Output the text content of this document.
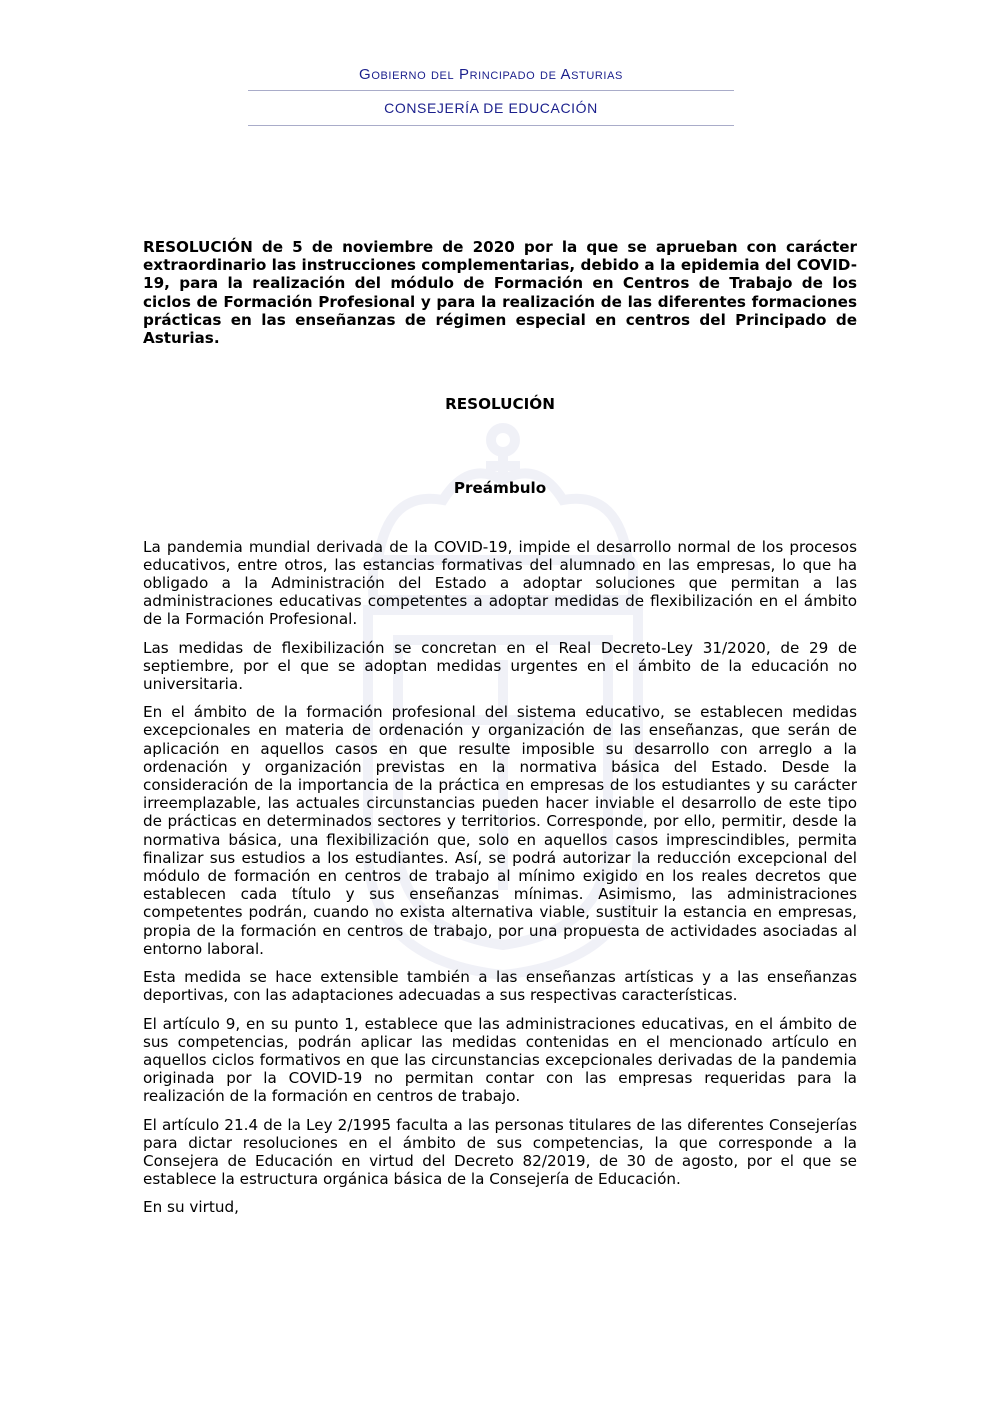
Gobierno del Principado de Asturias
CONSEJERÍA DE EDUCACIÓN

RESOLUCIÓN de 5 de noviembre de 2020 por la que se aprueban con carácter extraordinario las instrucciones complementarias, debido a la epidemia del COVID-19, para la realización del módulo de Formación en Centros de Trabajo de los ciclos de Formación Profesional y para la realización de las diferentes formaciones prácticas en las enseñanzas de régimen especial en centros del Principado de Asturias.

RESOLUCIÓN

Preámbulo

La pandemia mundial derivada de la COVID-19, impide el desarrollo normal de los procesos educativos, entre otros, las estancias formativas del alumnado en las empresas, lo que ha obligado a la Administración del Estado a adoptar soluciones que permitan a las administraciones educativas competentes a adoptar medidas de flexibilización en el ámbito de la Formación Profesional.

Las medidas de flexibilización se concretan en el Real Decreto-Ley 31/2020, de 29 de septiembre, por el que se adoptan medidas urgentes en el ámbito de la educación no universitaria.

En el ámbito de la formación profesional del sistema educativo, se establecen medidas excepcionales en materia de ordenación y organización de las enseñanzas, que serán de aplicación en aquellos casos en que resulte imposible su desarrollo con arreglo a la ordenación y organización previstas en la normativa básica del Estado. Desde la consideración de la importancia de la práctica en empresas de los estudiantes y su carácter irreemplazable, las actuales circunstancias pueden hacer inviable el desarrollo de este tipo de prácticas en determinados sectores y territorios. Corresponde, por ello, permitir, desde la normativa básica, una flexibilización que, solo en aquellos casos imprescindibles, permita finalizar sus estudios a los estudiantes. Así, se podrá autorizar la reducción excepcional del módulo de formación en centros de trabajo al mínimo exigido en los reales decretos que establecen cada título y sus enseñanzas mínimas. Asimismo, las administraciones competentes podrán, cuando no exista alternativa viable, sustituir la estancia en empresas, propia de la formación en centros de trabajo, por una propuesta de actividades asociadas al entorno laboral.

Esta medida se hace extensible también a las enseñanzas artísticas y a las enseñanzas deportivas, con las adaptaciones adecuadas a sus respectivas características.

El artículo 9, en su punto 1, establece que las administraciones educativas, en el ámbito de sus competencias, podrán aplicar las medidas contenidas en el mencionado artículo en aquellos ciclos formativos en que las circunstancias excepcionales derivadas de la pandemia originada por la COVID-19 no permitan contar con las empresas requeridas para la realización de la formación en centros de trabajo.

El artículo 21.4 de la Ley 2/1995 faculta a las personas titulares de las diferentes Consejerías para dictar resoluciones en el ámbito de sus competencias, la que corresponde a la Consejera de Educación en virtud del Decreto 82/2019, de 30 de agosto, por el que se establece la estructura orgánica básica de la Consejería de Educación.

En su virtud,
